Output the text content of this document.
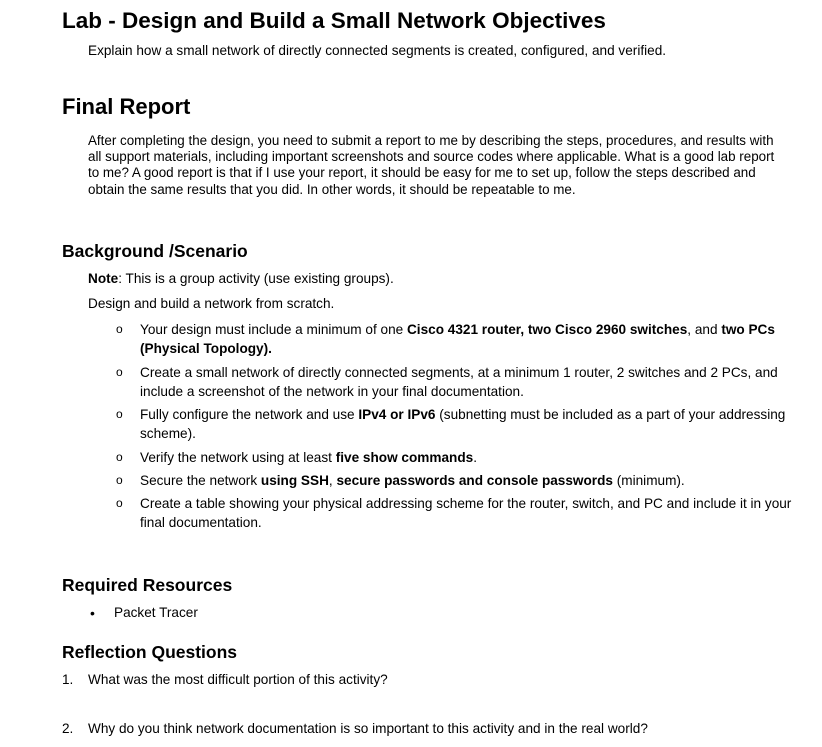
Lab - Design and Build a Small Network Objectives
Explain how a small network of directly connected segments is created, configured, and verified.
Final Report
After completing the design, you need to submit a report to me by describing the steps, procedures, and results with all support materials, including important screenshots and source codes where applicable. What is a good lab report to me? A good report is that if I use your report, it should be easy for me to set up, follow the steps described and obtain the same results that you did. In other words, it should be repeatable to me.
Background /Scenario
Note: This is a group activity (use existing groups).
Design and build a network from scratch.
o Your design must include a minimum of one Cisco 4321 router, two Cisco 2960 switches, and two PCs (Physical Topology).
o Create a small network of directly connected segments, at a minimum 1 router, 2 switches and 2 PCs, and include a screenshot of the network in your final documentation.
o Fully configure the network and use IPv4 or IPv6 (subnetting must be included as a part of your addressing scheme).
o Verify the network using at least five show commands.
o Secure the network using SSH, secure passwords and console passwords (minimum).
o Create a table showing your physical addressing scheme for the router, switch, and PC and include it in your final documentation.
Required Resources
• Packet Tracer
Reflection Questions
1. What was the most difficult portion of this activity?
2. Why do you think network documentation is so important to this activity and in the real world?
